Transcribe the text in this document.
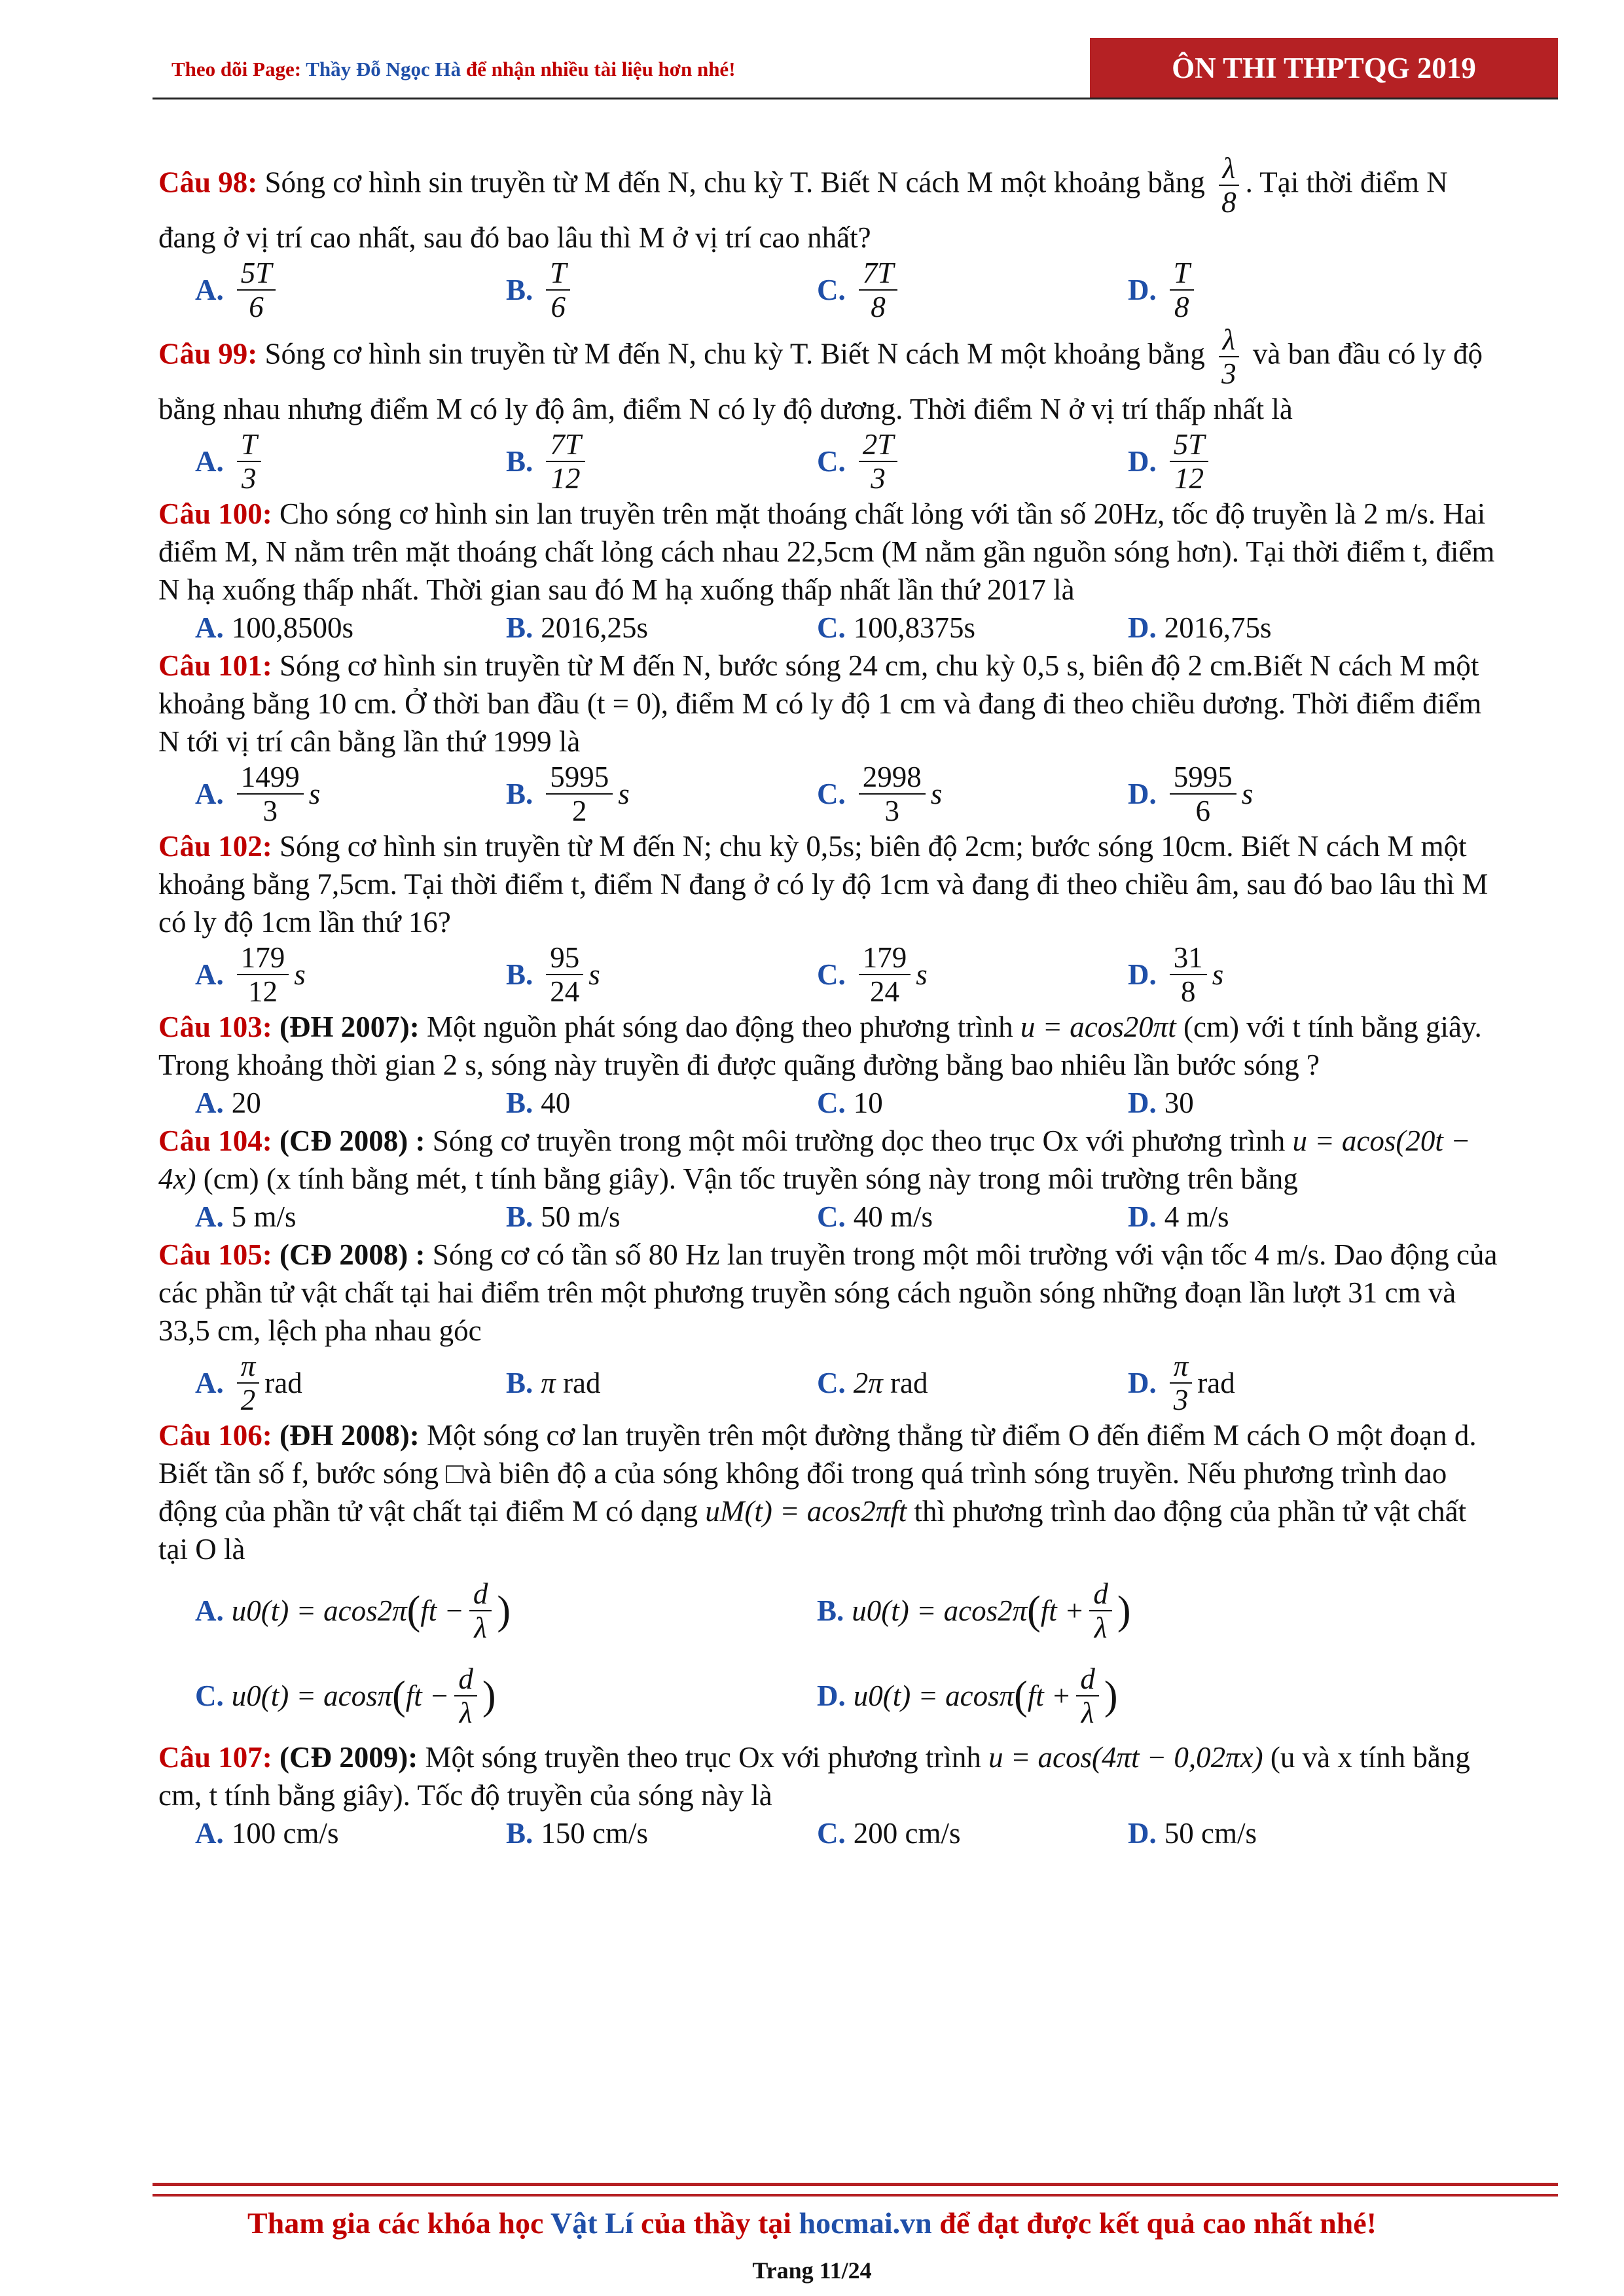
Theo dõi Page: Thầy Đỗ Ngọc Hà để nhận nhiều tài liệu hơn nhé!	ÔN THI THPTQG 2019
Câu 98: Sóng cơ hình sin truyền từ M đến N, chu kỳ T. Biết N cách M một khoảng bằng $\frac{\lambda}{8}$ . Tại thời điểm N đang ở vị trí cao nhất, sau đó bao lâu thì M ở vị trí cao nhất?
A. $\frac{5T}{6}$	B. $\frac{T}{6}$	C. $\frac{7T}{8}$	D. $\frac{T}{8}$
Câu 99: Sóng cơ hình sin truyền từ M đến N, chu kỳ T. Biết N cách M một khoảng bằng $\frac{\lambda}{3}$ và ban đầu có ly độ bằng nhau nhưng điểm M có ly độ âm, điểm N có ly độ dương. Thời điểm N ở vị trí thấp nhất là
A. $\frac{T}{3}$	B. $\frac{7T}{12}$	C. $\frac{2T}{3}$	D. $\frac{5T}{12}$
Câu 100: Cho sóng cơ hình sin lan truyền trên mặt thoáng chất lỏng với tần số 20Hz, tốc độ truyền là 2 m/s. Hai điểm M, N nằm trên mặt thoáng chất lỏng cách nhau 22,5cm (M nằm gần nguồn sóng hơn). Tại thời điểm t, điểm N hạ xuống thấp nhất. Thời gian sau đó M hạ xuống thấp nhất lần thứ 2017 là
A. 100,8500s	B. 2016,25s	C. 100,8375s	D. 2016,75s
Câu 101: Sóng cơ hình sin truyền từ M đến N, bước sóng 24 cm, chu kỳ 0,5 s, biên độ 2 cm.Biết N cách M một khoảng bằng 10 cm. Ở thời ban đầu (t = 0), điểm M có ly độ 1 cm và đang đi theo chiều dương. Thời điểm điểm N tới vị trí cân bằng lần thứ 1999 là
A. $\frac{1499}{3}$ s	B. $\frac{5995}{2}$ s	C. $\frac{2998}{3}$ s	D. $\frac{5995}{6}$ s
Câu 102: Sóng cơ hình sin truyền từ M đến N; chu kỳ 0,5s; biên độ 2cm; bước sóng 10cm. Biết N cách M một khoảng bằng 7,5cm. Tại thời điểm t, điểm N đang ở có ly độ 1cm và đang đi theo chiều âm, sau đó bao lâu thì M có ly độ 1cm lần thứ 16?
A. $\frac{179}{12}$ s	B. $\frac{95}{24}$ s	C. $\frac{179}{24}$ s	D. $\frac{31}{8}$ s
Câu 103: (ĐH 2007): Một nguồn phát sóng dao động theo phương trình u = acos20πt (cm) với t tính bằng giây. Trong khoảng thời gian 2 s, sóng này truyền đi được quãng đường bằng bao nhiêu lần bước sóng ?
A. 20	B. 40	C. 10	D. 30
Câu 104: (CĐ 2008) : Sóng cơ truyền trong một môi trường dọc theo trục Ox với phương trình u = acos(20t − 4x) (cm) (x tính bằng mét, t tính bằng giây). Vận tốc truyền sóng này trong môi trường trên bằng
A. 5 m/s	B. 50 m/s	C. 40 m/s	D. 4 m/s
Câu 105: (CĐ 2008) : Sóng cơ có tần số 80 Hz lan truyền trong một môi trường với vận tốc 4 m/s. Dao động của các phần tử vật chất tại hai điểm trên một phương truyền sóng cách nguồn sóng những đoạn lần lượt 31 cm và 33,5 cm, lệch pha nhau góc
A. $\frac{\pi}{2}$ rad	B. π
rad	C. 2π
rad	D. $\frac{\pi}{3}$ rad
Câu 106: (ĐH 2008): Một sóng cơ lan truyền trên một đường thẳng từ điểm O đến điểm M cách O một đoạn d. Biết tần số f, bước sóng □và biên độ a của sóng không đổi trong quá trình sóng truyền. Nếu phương trình dao động của phần tử vật chất tại điểm M có dạng uM(t) = acos2πft thì phương trình dao động của phần tử vật chất tại O là
A. u0(t) = acos2π ( ft − $\frac{d}{\lambda}$ )	B. u0(t) = acos2π ( ft + $\frac{d}{\lambda}$ )
C. u0(t) = acosπ ( ft − $\frac{d}{\lambda}$ )	D. u0(t) = acosπ ( ft + $\frac{d}{\lambda}$ )
Câu 107: (CĐ 2009): Một sóng truyền theo trục Ox với phương trình u = acos(4πt − 0,02πx) (u và x tính bằng cm, t tính bằng giây). Tốc độ truyền của sóng này là
A. 100 cm/s	B. 150 cm/s	C. 200 cm/s	D. 50 cm/s
Tham gia các khóa học Vật Lí của thầy tại hocmai.vn để đạt được kết quả cao nhất nhé!
Trang 11/24
